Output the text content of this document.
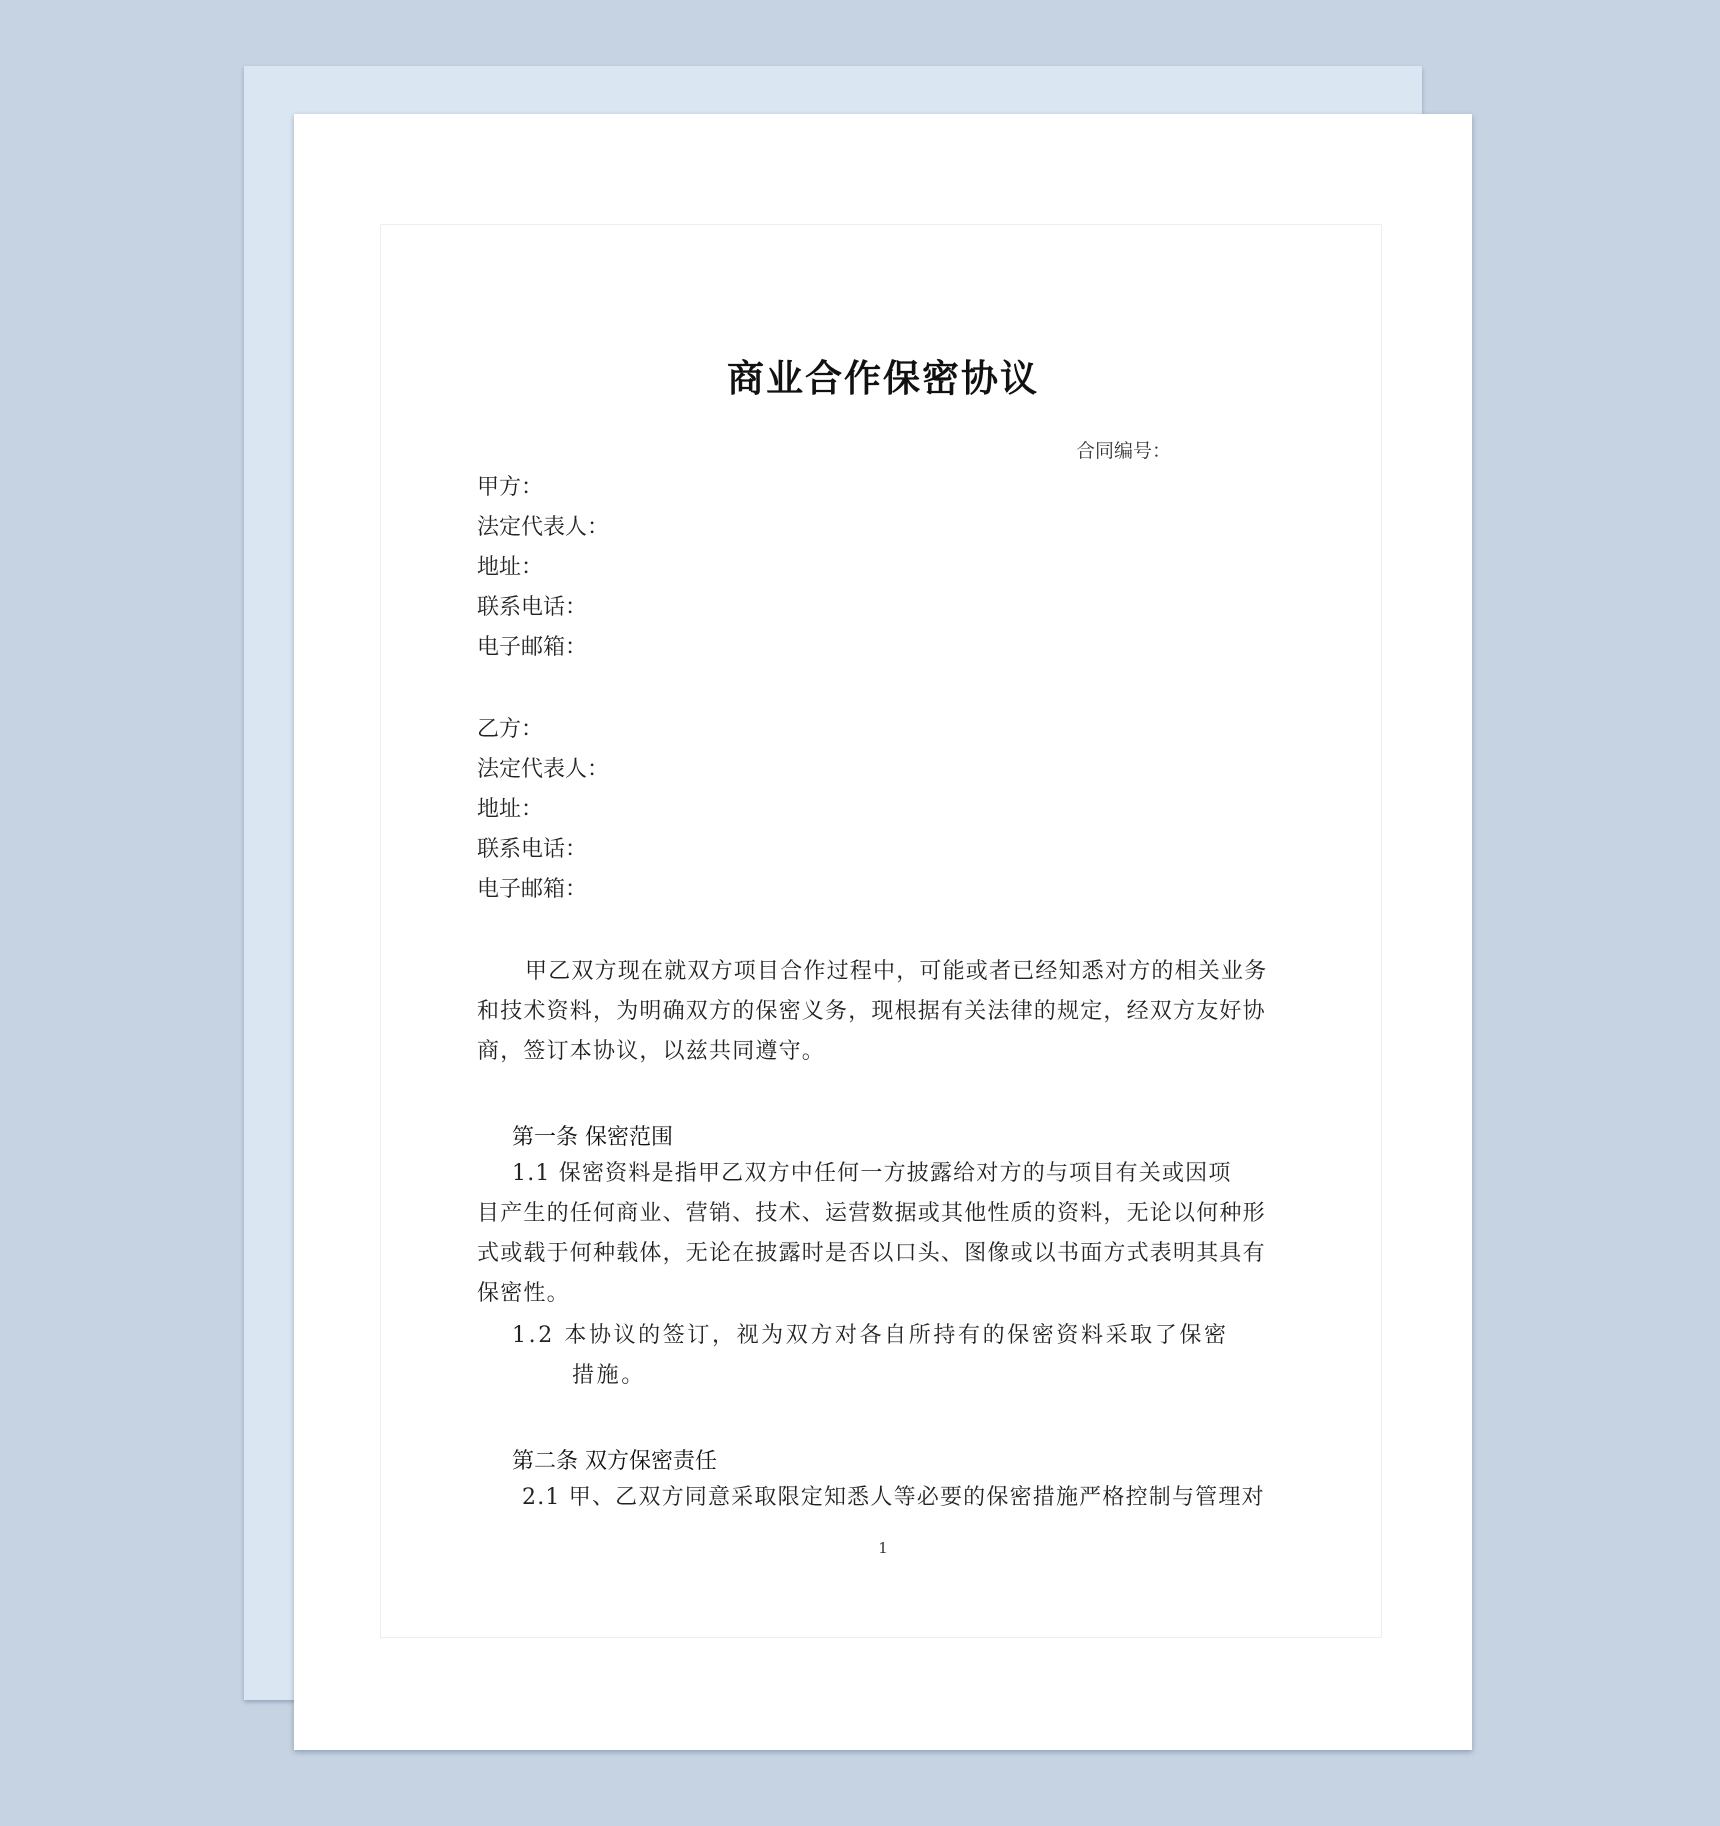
1
商业合作保密协议
合同编号：
甲方：
法定代表人：
地址：
联系电话：
电子邮箱：
乙方：
法定代表人：
地址：
联系电话：
电子邮箱：
甲乙双方现在就双方项目合作过程中，可能或者已经知悉对方的相关业务
和技术资料，为明确双方的保密义务，现根据有关法律的规定，经双方友好协
商，签订本协议，以兹共同遵守。
第一条 保密范围
1.1 保密资料是指甲乙双方中任何一方披露给对方的与项目有关或因项
目产生的任何商业、营销、技术、运营数据或其他性质的资料，无论以何种形
式或载于何种载体，无论在披露时是否以口头、图像或以书面方式表明其具有
保密性。
1.2 本协议的签订，视为双方对各自所持有的保密资料采取了保密
措施。
第二条 双方保密责任
2.1 甲、乙双方同意采取限定知悉人等必要的保密措施严格控制与管理对
